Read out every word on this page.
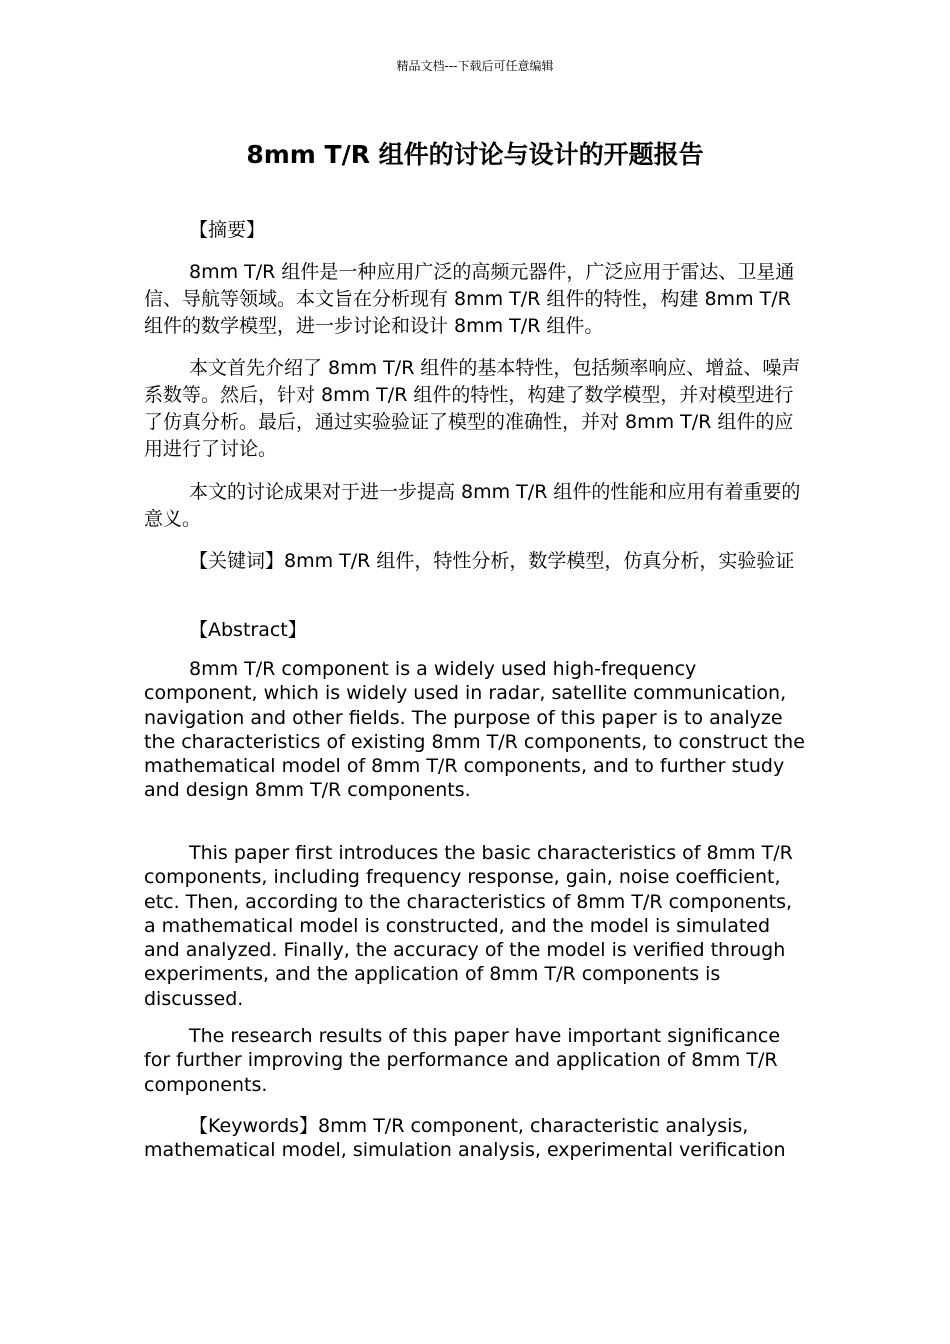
精品文档---下载后可任意编辑
8mm T/R 组件的讨论与设计的开题报告

【摘要】

8mm T/R 组件是一种应用广泛的高频元器件，广泛应用于雷达、卫星通信、导航等领域。本文旨在分析现有 8mm T/R 组件的特性，构建 8mm T/R 组件的数学模型，进一步讨论和设计 8mm T/R 组件。

本文首先介绍了 8mm T/R 组件的基本特性，包括频率响应、增益、噪声系数等。然后，针对 8mm T/R 组件的特性，构建了数学模型，并对模型进行了仿真分析。最后，通过实验验证了模型的准确性，并对 8mm T/R 组件的应用进行了讨论。

本文的讨论成果对于进一步提高 8mm T/R 组件的性能和应用有着重要的意义。

【关键词】8mm T/R 组件，特性分析，数学模型，仿真分析，实验验证

【Abstract】

8mm T/R component is a widely used high-frequency component, which is widely used in radar, satellite communication, navigation and other fields. The purpose of this paper is to analyze the characteristics of existing 8mm T/R components, to construct the mathematical model of 8mm T/R components, and to further study and design 8mm T/R components.

This paper first introduces the basic characteristics of 8mm T/R components, including frequency response, gain, noise coefficient, etc. Then, according to the characteristics of 8mm T/R components, a mathematical model is constructed, and the model is simulated and analyzed. Finally, the accuracy of the model is verified through experiments, and the application of 8mm T/R components is discussed.

The research results of this paper have important significance for further improving the performance and application of 8mm T/R components.

【Keywords】8mm T/R component, characteristic analysis, mathematical model, simulation analysis, experimental verification
